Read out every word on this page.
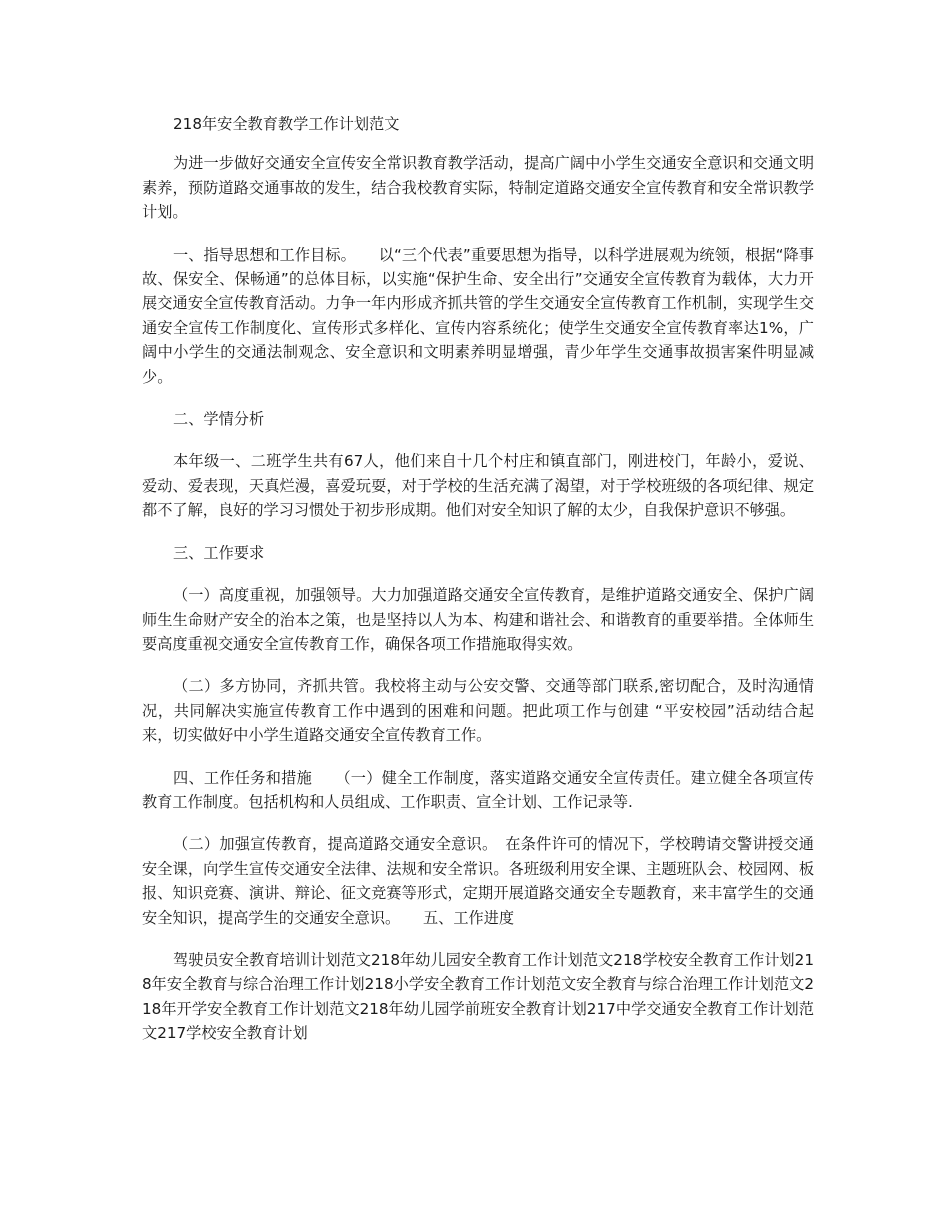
218年安全教育教学工作计划范文

为进一步做好交通安全宣传安全常识教育教学活动，提高广阔中小学生交通安全意识和交通文明素养，预防道路交通事故的发生，结合我校教育实际，特制定道路交通安全宣传教育和安全常识教学计划。

一、指导思想和工作目标。　　以“三个代表”重要思想为指导，以科学进展观为统领，根据“降事故、保安全、保畅通”的总体目标，以实施“保护生命、安全出行”交通安全宣传教育为载体，大力开展交通安全宣传教育活动。力争一年内形成齐抓共管的学生交通安全宣传教育工作机制，实现学生交通安全宣传工作制度化、宣传形式多样化、宣传内容系统化；使学生交通安全宣传教育率达1%，广阔中小学生的交通法制观念、安全意识和文明素养明显增强，青少年学生交通事故损害案件明显减少。

二、学情分析

本年级一、二班学生共有67人，他们来自十几个村庄和镇直部门，刚进校门，年龄小，爱说、爱动、爱表现，天真烂漫，喜爱玩耍，对于学校的生活充满了渴望，对于学校班级的各项纪律、规定都不了解，良好的学习习惯处于初步形成期。他们对安全知识了解的太少，自我保护意识不够强。

三、工作要求

（一）高度重视，加强领导。大力加强道路交通安全宣传教育，是维护道路交通安全、保护广阔师生生命财产安全的治本之策，也是坚持以人为本、构建和谐社会、和谐教育的重要举措。全体师生要高度重视交通安全宣传教育工作，确保各项工作措施取得实效。

（二）多方协同，齐抓共管。我校将主动与公安交警、交通等部门联系,密切配合，及时沟通情况，共同解决实施宣传教育工作中遇到的困难和问题。把此项工作与创建 “平安校园”活动结合起来，切实做好中小学生道路交通安全宣传教育工作。

四、工作任务和措施　　（一）健全工作制度，落实道路交通安全宣传责任。建立健全各项宣传教育工作制度。包括机构和人员组成、工作职责、宣全计划、工作记录等.

（二）加强宣传教育，提高道路交通安全意识。　在条件许可的情况下，学校聘请交警讲授交通安全课，向学生宣传交通安全法律、法规和安全常识。各班级利用安全课、主题班队会、校园网、板报、知识竞赛、演讲、辩论、征文竞赛等形式，定期开展道路交通安全专题教育，来丰富学生的交通安全知识，提高学生的交通安全意识。　　五、工作进度

驾驶员安全教育培训计划范文218年幼儿园安全教育工作计划范文218学校安全教育工作计划218年安全教育与综合治理工作计划218小学安全教育工作计划范文安全教育与综合治理工作计划范文218年开学安全教育工作计划范文218年幼儿园学前班安全教育计划217中学交通安全教育工作计划范文217学校安全教育计划
